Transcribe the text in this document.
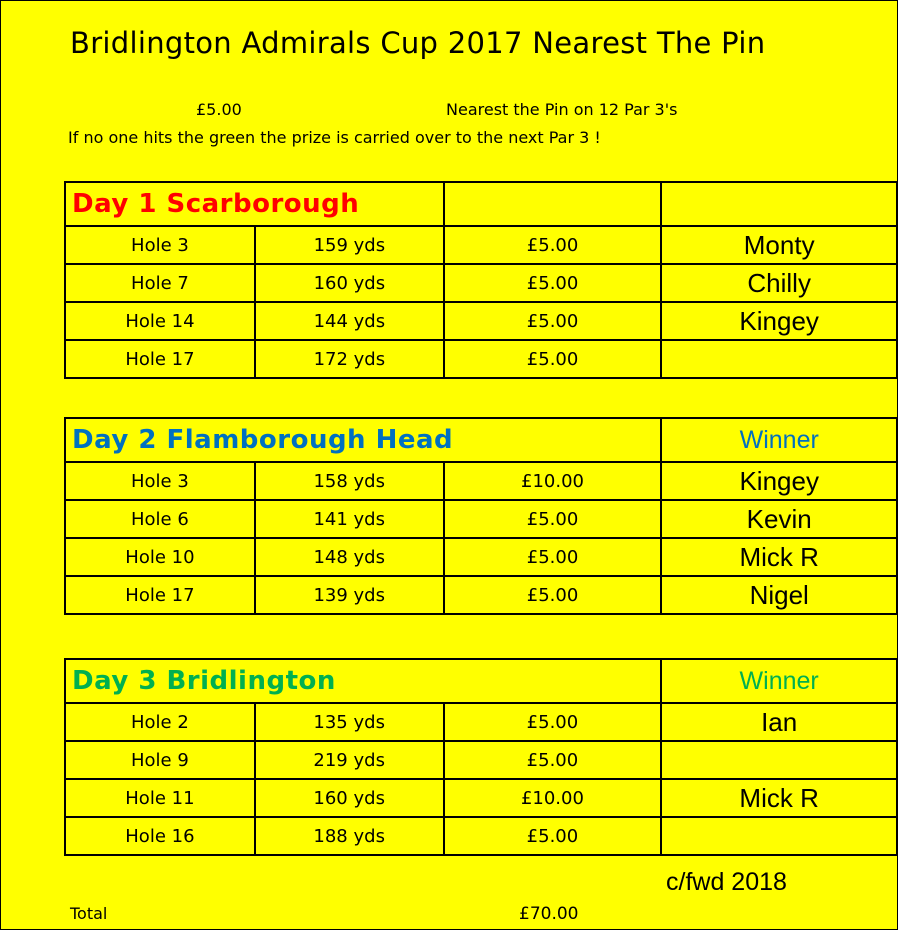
Bridlington Admirals Cup 2017 Nearest The Pin
£5.00	Nearest the Pin on 12 Par 3's
If no one hits the green the prize is carried over to the next Par 3 !
Day 1 Scarborough			
Hole 3	159 yds	£5.00	Monty
Hole 7	160 yds	£5.00	Chilly
Hole 14	144 yds	£5.00	Kingey
Hole 17	172 yds	£5.00	
Day 2 Flamborough Head			Winner
Hole 3	158 yds	£10.00	Kingey
Hole 6	141 yds	£5.00	Kevin
Hole 10	148 yds	£5.00	Mick R
Hole 17	139 yds	£5.00	Nigel
Day 3 Bridlington			Winner
Hole 2	135 yds	£5.00	Ian
Hole 9	219 yds	£5.00	
Hole 11	160 yds	£10.00	Mick R
Hole 16	188 yds	£5.00	
c/fwd 2018
Total	£70.00
